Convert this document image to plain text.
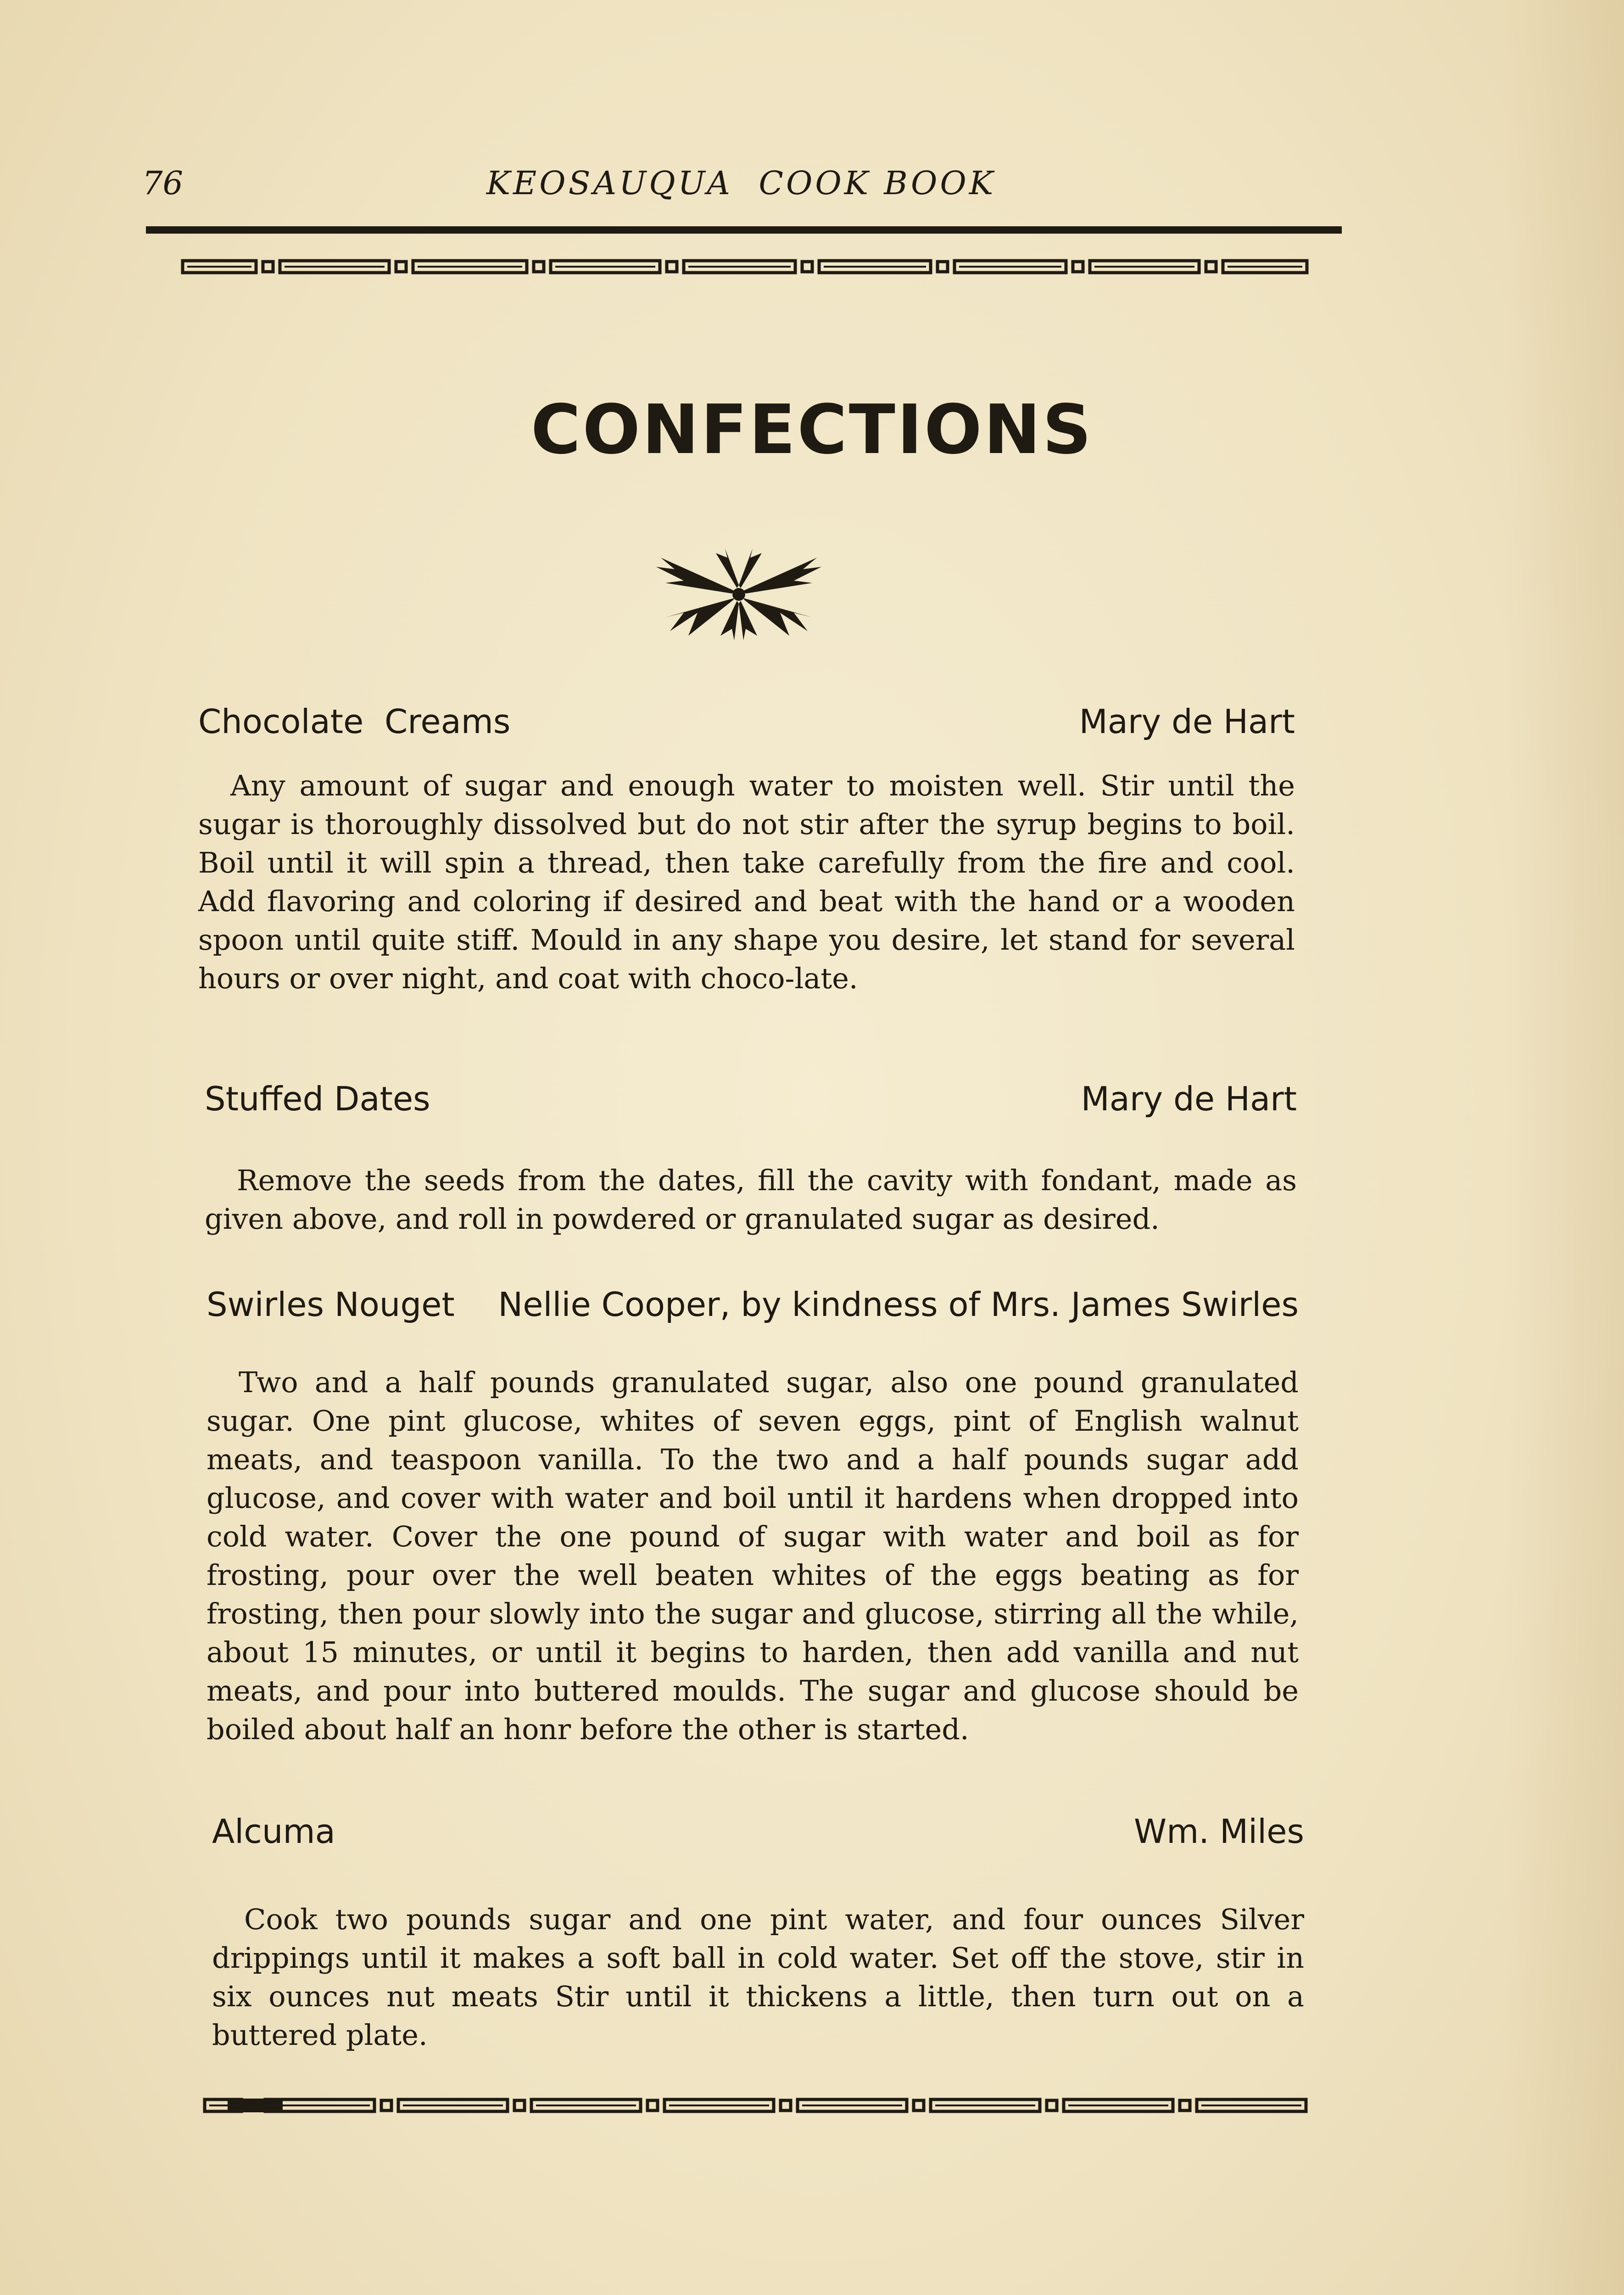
76	KEOSAUQUA  COOK BOOK
CONFECTIONS
Chocolate  Creams	Mary de Hart

Any amount of sugar and enough water to moisten well. Stir until the sugar is thoroughly dissolved but do not stir after the syrup begins to boil. Boil until it will spin a thread, then take carefully from the fire and cool. Add flavoring and coloring if desired and beat with the hand or a wooden spoon until quite stiff. Mould in any shape you desire, let stand for several hours or over night, and coat with choco-late.

Stuffed Dates	Mary de Hart

Remove the seeds from the dates, fill the cavity with fondant, made as given above, and roll in powdered or granulated sugar as desired.

Swirles Nouget Nellie Cooper, by kindness of Mrs. James Swirles

Two and a half pounds granulated sugar, also one pound granulated sugar. One pint glucose, whites of seven eggs, pint of English walnut meats, and teaspoon vanilla. To the two and a half pounds sugar add glucose, and cover with water and boil until it hardens when dropped into cold water. Cover the one pound of sugar with water and boil as for frosting, pour over the well beaten whites of the eggs beating as for frosting, then pour slowly into the sugar and glucose, stirring all the while, about 15 minutes, or until it begins to harden, then add vanilla and nut meats, and pour into buttered moulds. The sugar and glucose should be boiled about half an honr before the other is started.

Alcuma	Wm. Miles

Cook two pounds sugar and one pint water, and four ounces Silver drippings until it makes a soft ball in cold water. Set off the stove, stir in six ounces nut meats Stir until it thickens a little, then turn out on a buttered plate.
